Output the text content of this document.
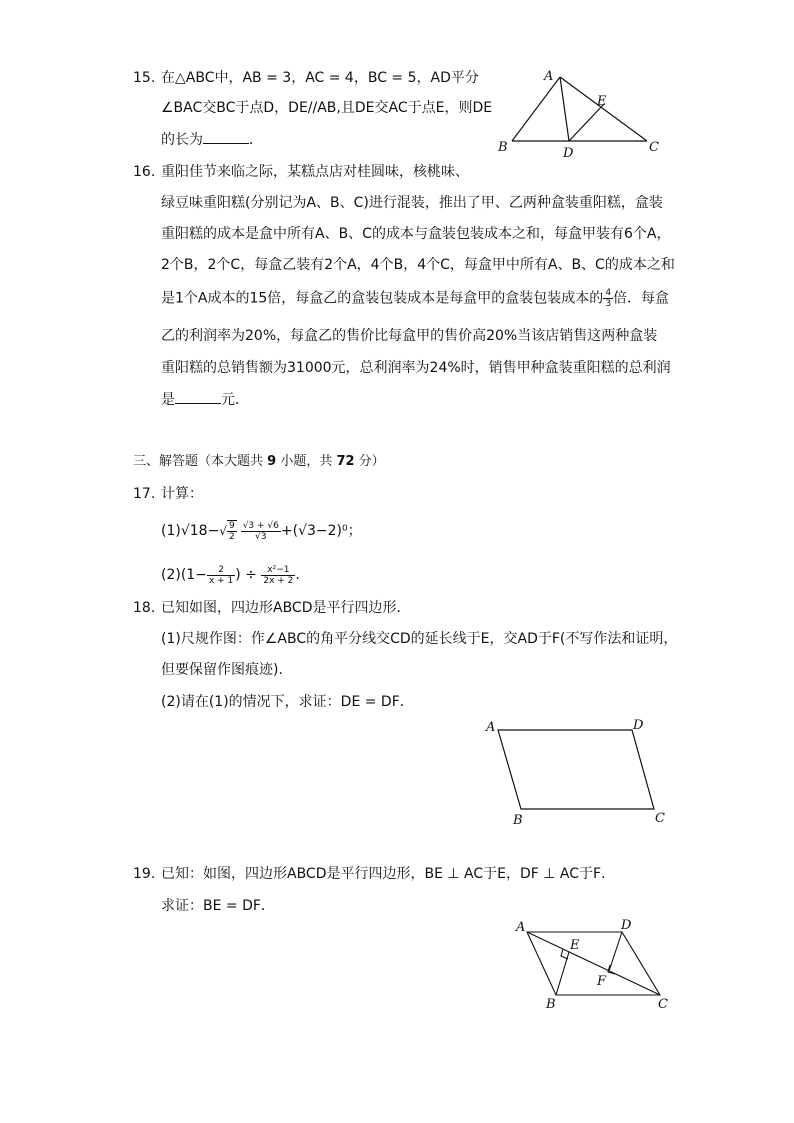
15. 在△ABC中，AB = 3，AC = 4，BC = 5，AD平分
∠BAC交BC于点D，DE//AB,且DE交AC于点E，则DE
的长为	．
A
B	C
D
E
16. 重阳佳节来临之际，某糕点店对桂圆味，核桃味、
绿豆味重阳糕(分别记为A、B、C)进行混装，推出了甲、乙两种盒装重阳糕，盒装
重阳糕的成本是盒中所有A、B、C的成本与盒装包装成本之和，每盒甲装有6个A，
2个B，2个C，每盒乙装有2个A，4个B，4个C，每盒甲中所有A、B、C的成本之和
是1个A成本的15倍，每盒乙的盒装包装成本是每盒甲的盒装包装成本的 $\frac{4}{3}$ 倍．每盒
乙的利润率为20%，每盒乙的售价比每盒甲的售价高20%当该店销售这两种盒装
重阳糕的总销售额为31000元，总利润率为24%时，销售甲种盒装重阳糕的总利润
是	元．
三、解答题（本大题共 9 小题，共 72 分）
17. 计算：
$(1)√18-√ \frac{9}{2} \frac{√3 + √6}{√3} +(√3-2)^0$；
$(2)(1- \frac{2}{x + 1}$ ) ÷ $\frac{\text{x²−1}}{2x + 2}$ .
18. 已知如图，四边形ABCD是平行四边形．
(1)尺规作图：作∠ABC的角平分线交CD的延长线于E，交AD于F(不写作法和证明，
但要保留作图痕迹)．
(2)请在(1)的情况下，求证：DE = DF．
A	D
B	C
19. 已知：如图，四边形ABCD是平行四边形，BE ⊥ AC于E，DF ⊥ AC于F．
求证：BE = DF．
A	D
B	C
E
F
